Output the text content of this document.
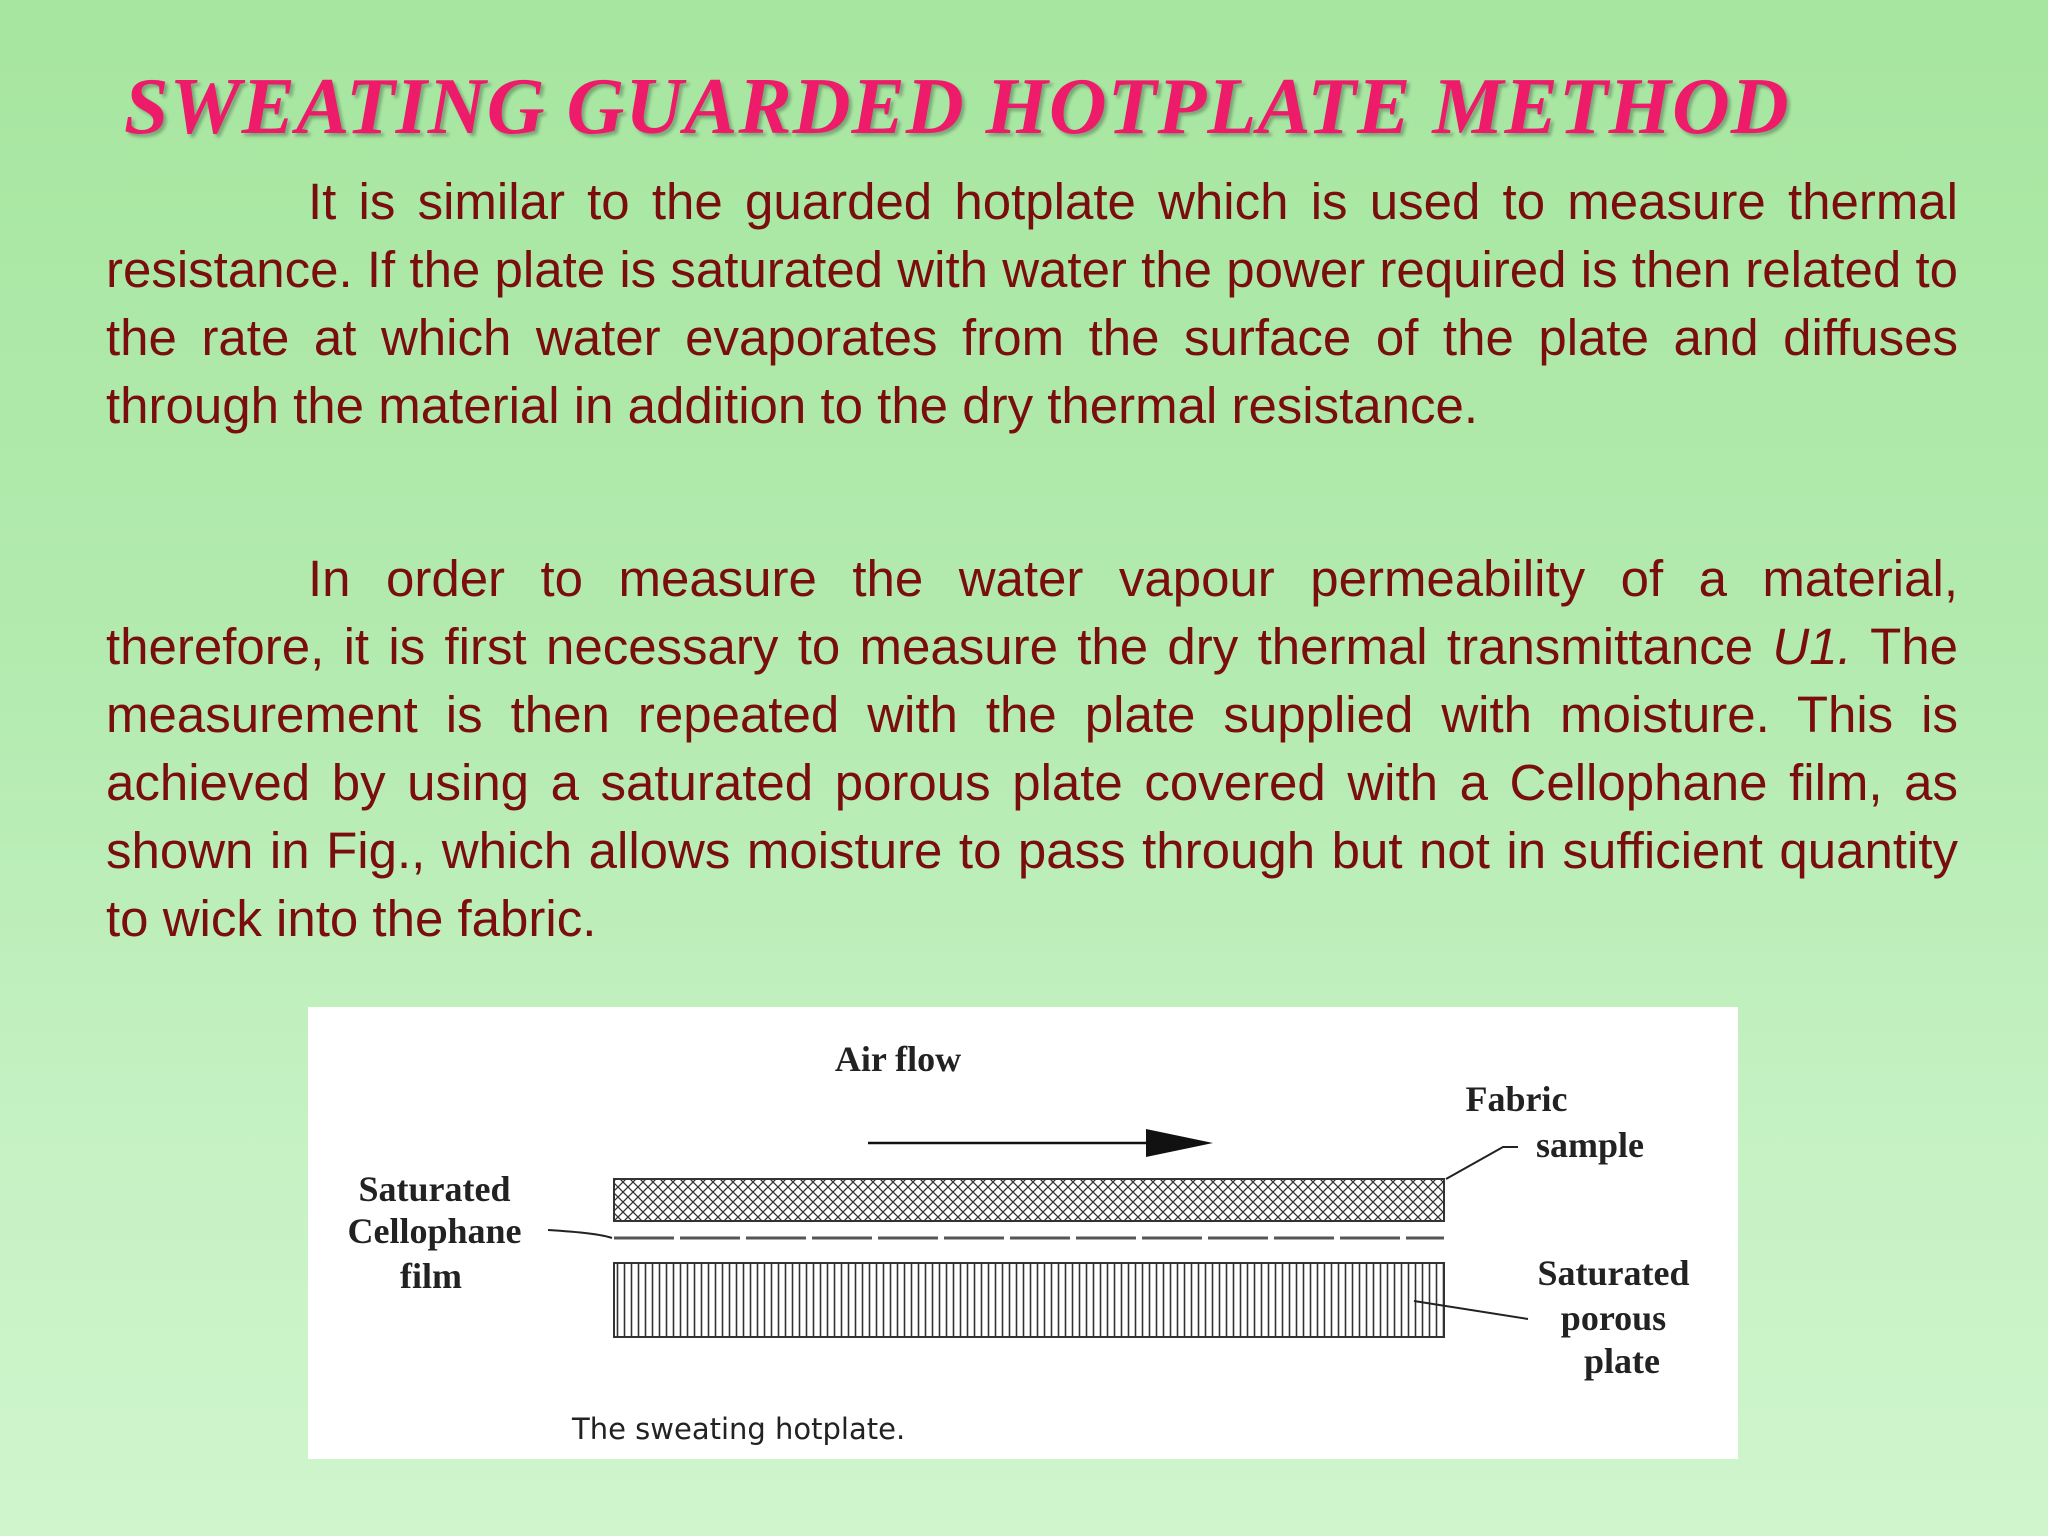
SWEATING GUARDED HOTPLATE METHOD

It is similar to the guarded hotplate which is used to measure thermal resistance. If the plate is saturated with water the power required is then related to the rate at which water evaporates from the surface of the plate and diffuses through the material in addition to the dry thermal resistance.

In order to measure the water vapour permeability of a material, therefore, it is first necessary to measure the dry thermal transmittance U1. The measurement is then repeated with the plate supplied with moisture. This is achieved by using a saturated porous plate covered with a Cellophane film, as shown in Fig., which allows moisture to pass through but not in sufficient quantity to wick into the fabric.

Air flow
Fabric sample
Saturated Cellophane film	Saturated porous plate
The sweating hotplate.
